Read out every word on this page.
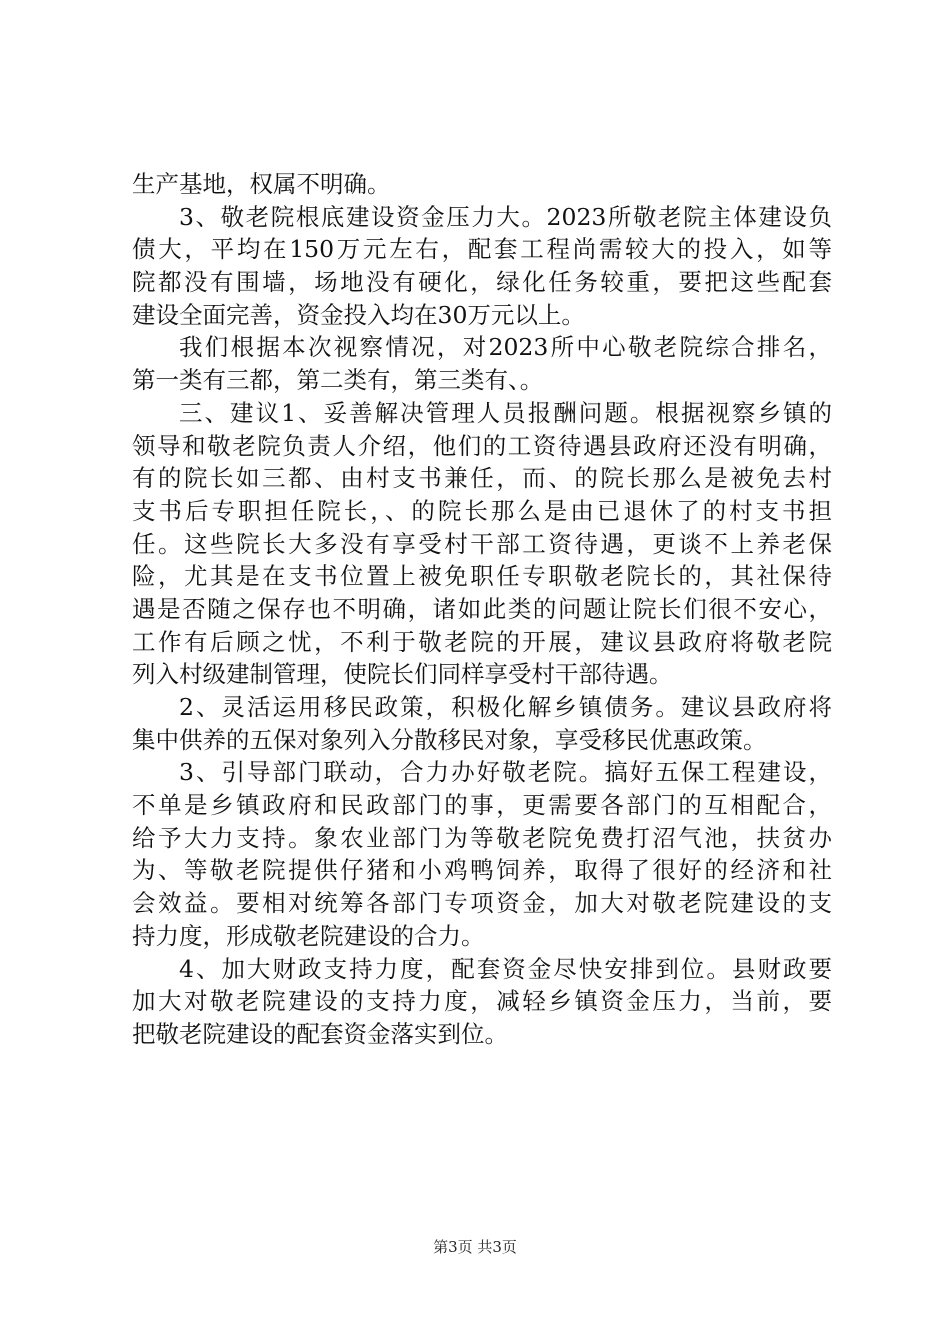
生产基地，权属不明确。
3、敬老院根底建设资金压力大。2023所敬老院主体建设负
债大，平均在150万元左右，配套工程尚需较大的投入，如等
院都没有围墙，场地没有硬化，绿化任务较重，要把这些配套
建设全面完善，资金投入均在30万元以上。
我们根据本次视察情况，对2023所中心敬老院综合排名，
第一类有三都，第二类有，第三类有、。
三、建议1、妥善解决管理人员报酬问题。根据视察乡镇的
领导和敬老院负责人介绍，他们的工资待遇县政府还没有明确，
有的院长如三都、由村支书兼任，而、的院长那么是被免去村
支书后专职担任院长，、的院长那么是由已退休了的村支书担
任。这些院长大多没有享受村干部工资待遇，更谈不上养老保
险，尤其是在支书位置上被免职任专职敬老院长的，其社保待
遇是否随之保存也不明确，诸如此类的问题让院长们很不安心，
工作有后顾之忧，不利于敬老院的开展，建议县政府将敬老院
列入村级建制管理，使院长们同样享受村干部待遇。
2、灵活运用移民政策，积极化解乡镇债务。建议县政府将
集中供养的五保对象列入分散移民对象，享受移民优惠政策。
3、引导部门联动，合力办好敬老院。搞好五保工程建设，
不单是乡镇政府和民政部门的事，更需要各部门的互相配合，
给予大力支持。象农业部门为等敬老院免费打沼气池，扶贫办
为、等敬老院提供仔猪和小鸡鸭饲养，取得了很好的经济和社
会效益。要相对统筹各部门专项资金，加大对敬老院建设的支
持力度，形成敬老院建设的合力。
4、加大财政支持力度，配套资金尽快安排到位。县财政要
加大对敬老院建设的支持力度，减轻乡镇资金压力，当前，要
把敬老院建设的配套资金落实到位。
第3页 共3页
